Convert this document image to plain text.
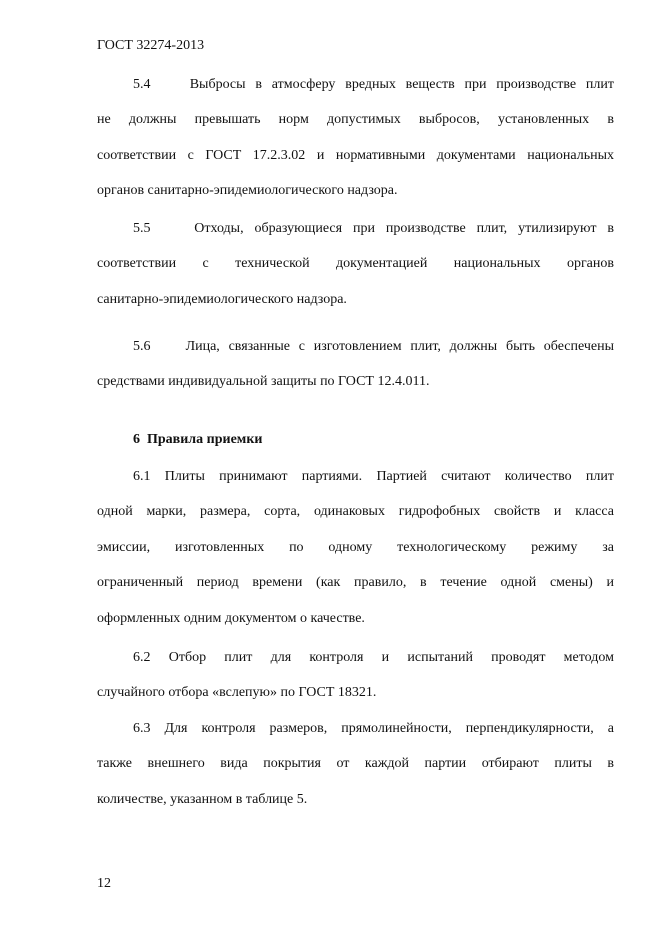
ГОСТ 32274-2013
5.4    Выбросы в атмосферу вредных веществ при производстве плит
не должны превышать норм допустимых выбросов, установленных в
соответствии с ГОСТ 17.2.3.02 и нормативными документами национальных
органов санитарно-эпидемиологического надзора.
5.5    Отходы, образующиеся при производстве плит, утилизируют в
соответствии с технической документацией национальных органов
санитарно-эпидемиологического надзора.
5.6    Лица, связанные с изготовлением плит, должны быть обеспечены
средствами индивидуальной защиты по ГОСТ 12.4.011.
6  Правила приемки
6.1 Плиты принимают партиями. Партией считают количество плит
одной марки, размера, сорта, одинаковых гидрофобных свойств и класса
эмиссии, изготовленных по одному технологическому режиму за
ограниченный период времени (как правило, в течение одной смены) и
оформленных одним документом о качестве.
6.2 Отбор плит для контроля и испытаний проводят методом
случайного отбора «вслепую» по ГОСТ 18321.
6.3 Для контроля размеров, прямолинейности, перпендикулярности, а
также внешнего вида покрытия от каждой партии отбирают плиты в
количестве, указанном в таблице 5.
12
